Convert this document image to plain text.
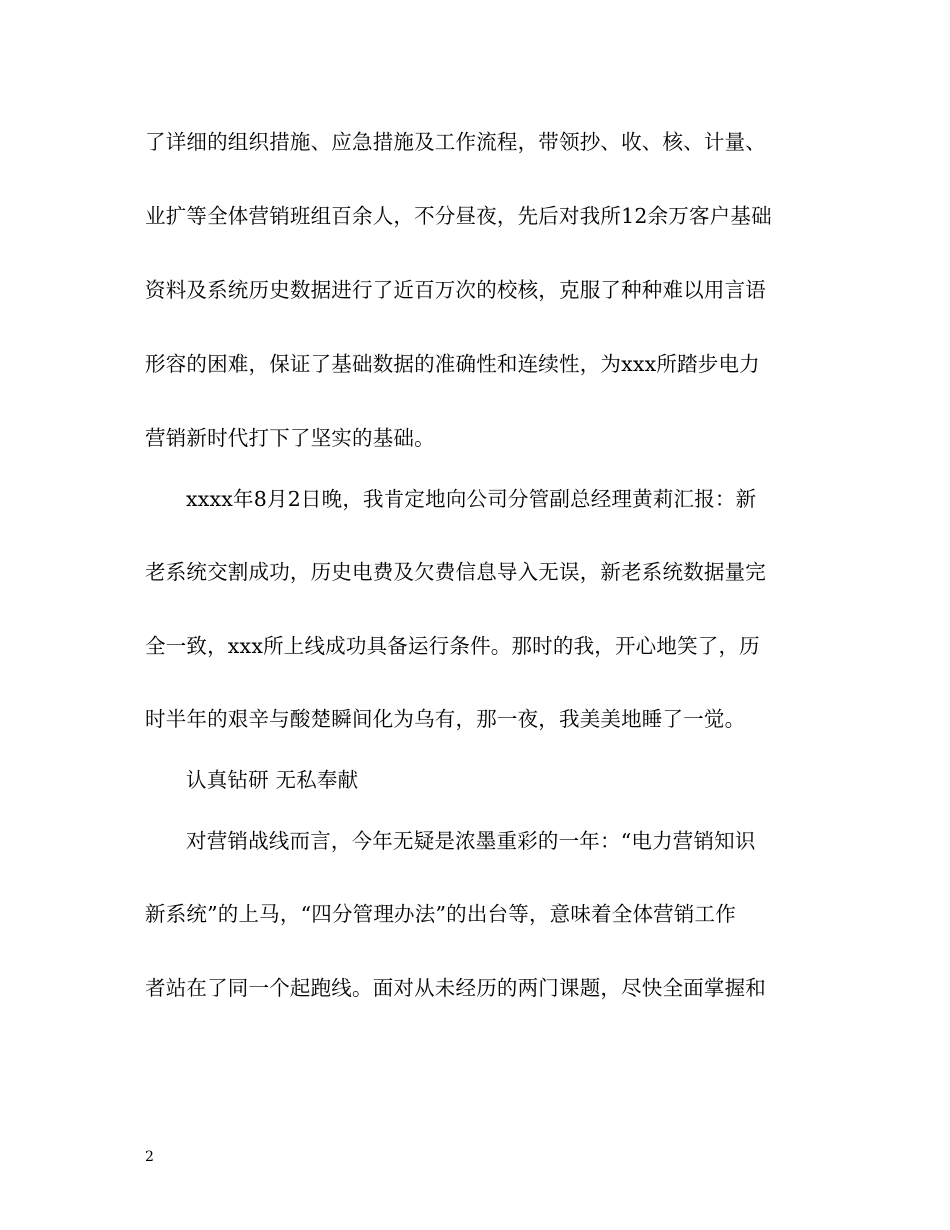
了详细的组织措施、应急措施及工作流程，带领抄、收、核、计量、
业扩等全体营销班组百余人，不分昼夜，先后对我所12余万客户基础
资料及系统历史数据进行了近百万次的校核，克服了种种难以用言语
形容的困难，保证了基础数据的准确性和连续性，为xxx所踏步电力
营销新时代打下了坚实的基础。
xxxx年8月2日晚，我肯定地向公司分管副总经理黄莉汇报：新
老系统交割成功，历史电费及欠费信息导入无误，新老系统数据量完
全一致，xxx所上线成功具备运行条件。那时的我，开心地笑了，历
时半年的艰辛与酸楚瞬间化为乌有，那一夜，我美美地睡了一觉。
认真钻研 无私奉献
对营销战线而言，今年无疑是浓墨重彩的一年：“电力营销知识
新系统”的上马，“四分管理办法”的出台等，意味着全体营销工作
者站在了同一个起跑线。面对从未经历的两门课题，尽快全面掌握和
2
